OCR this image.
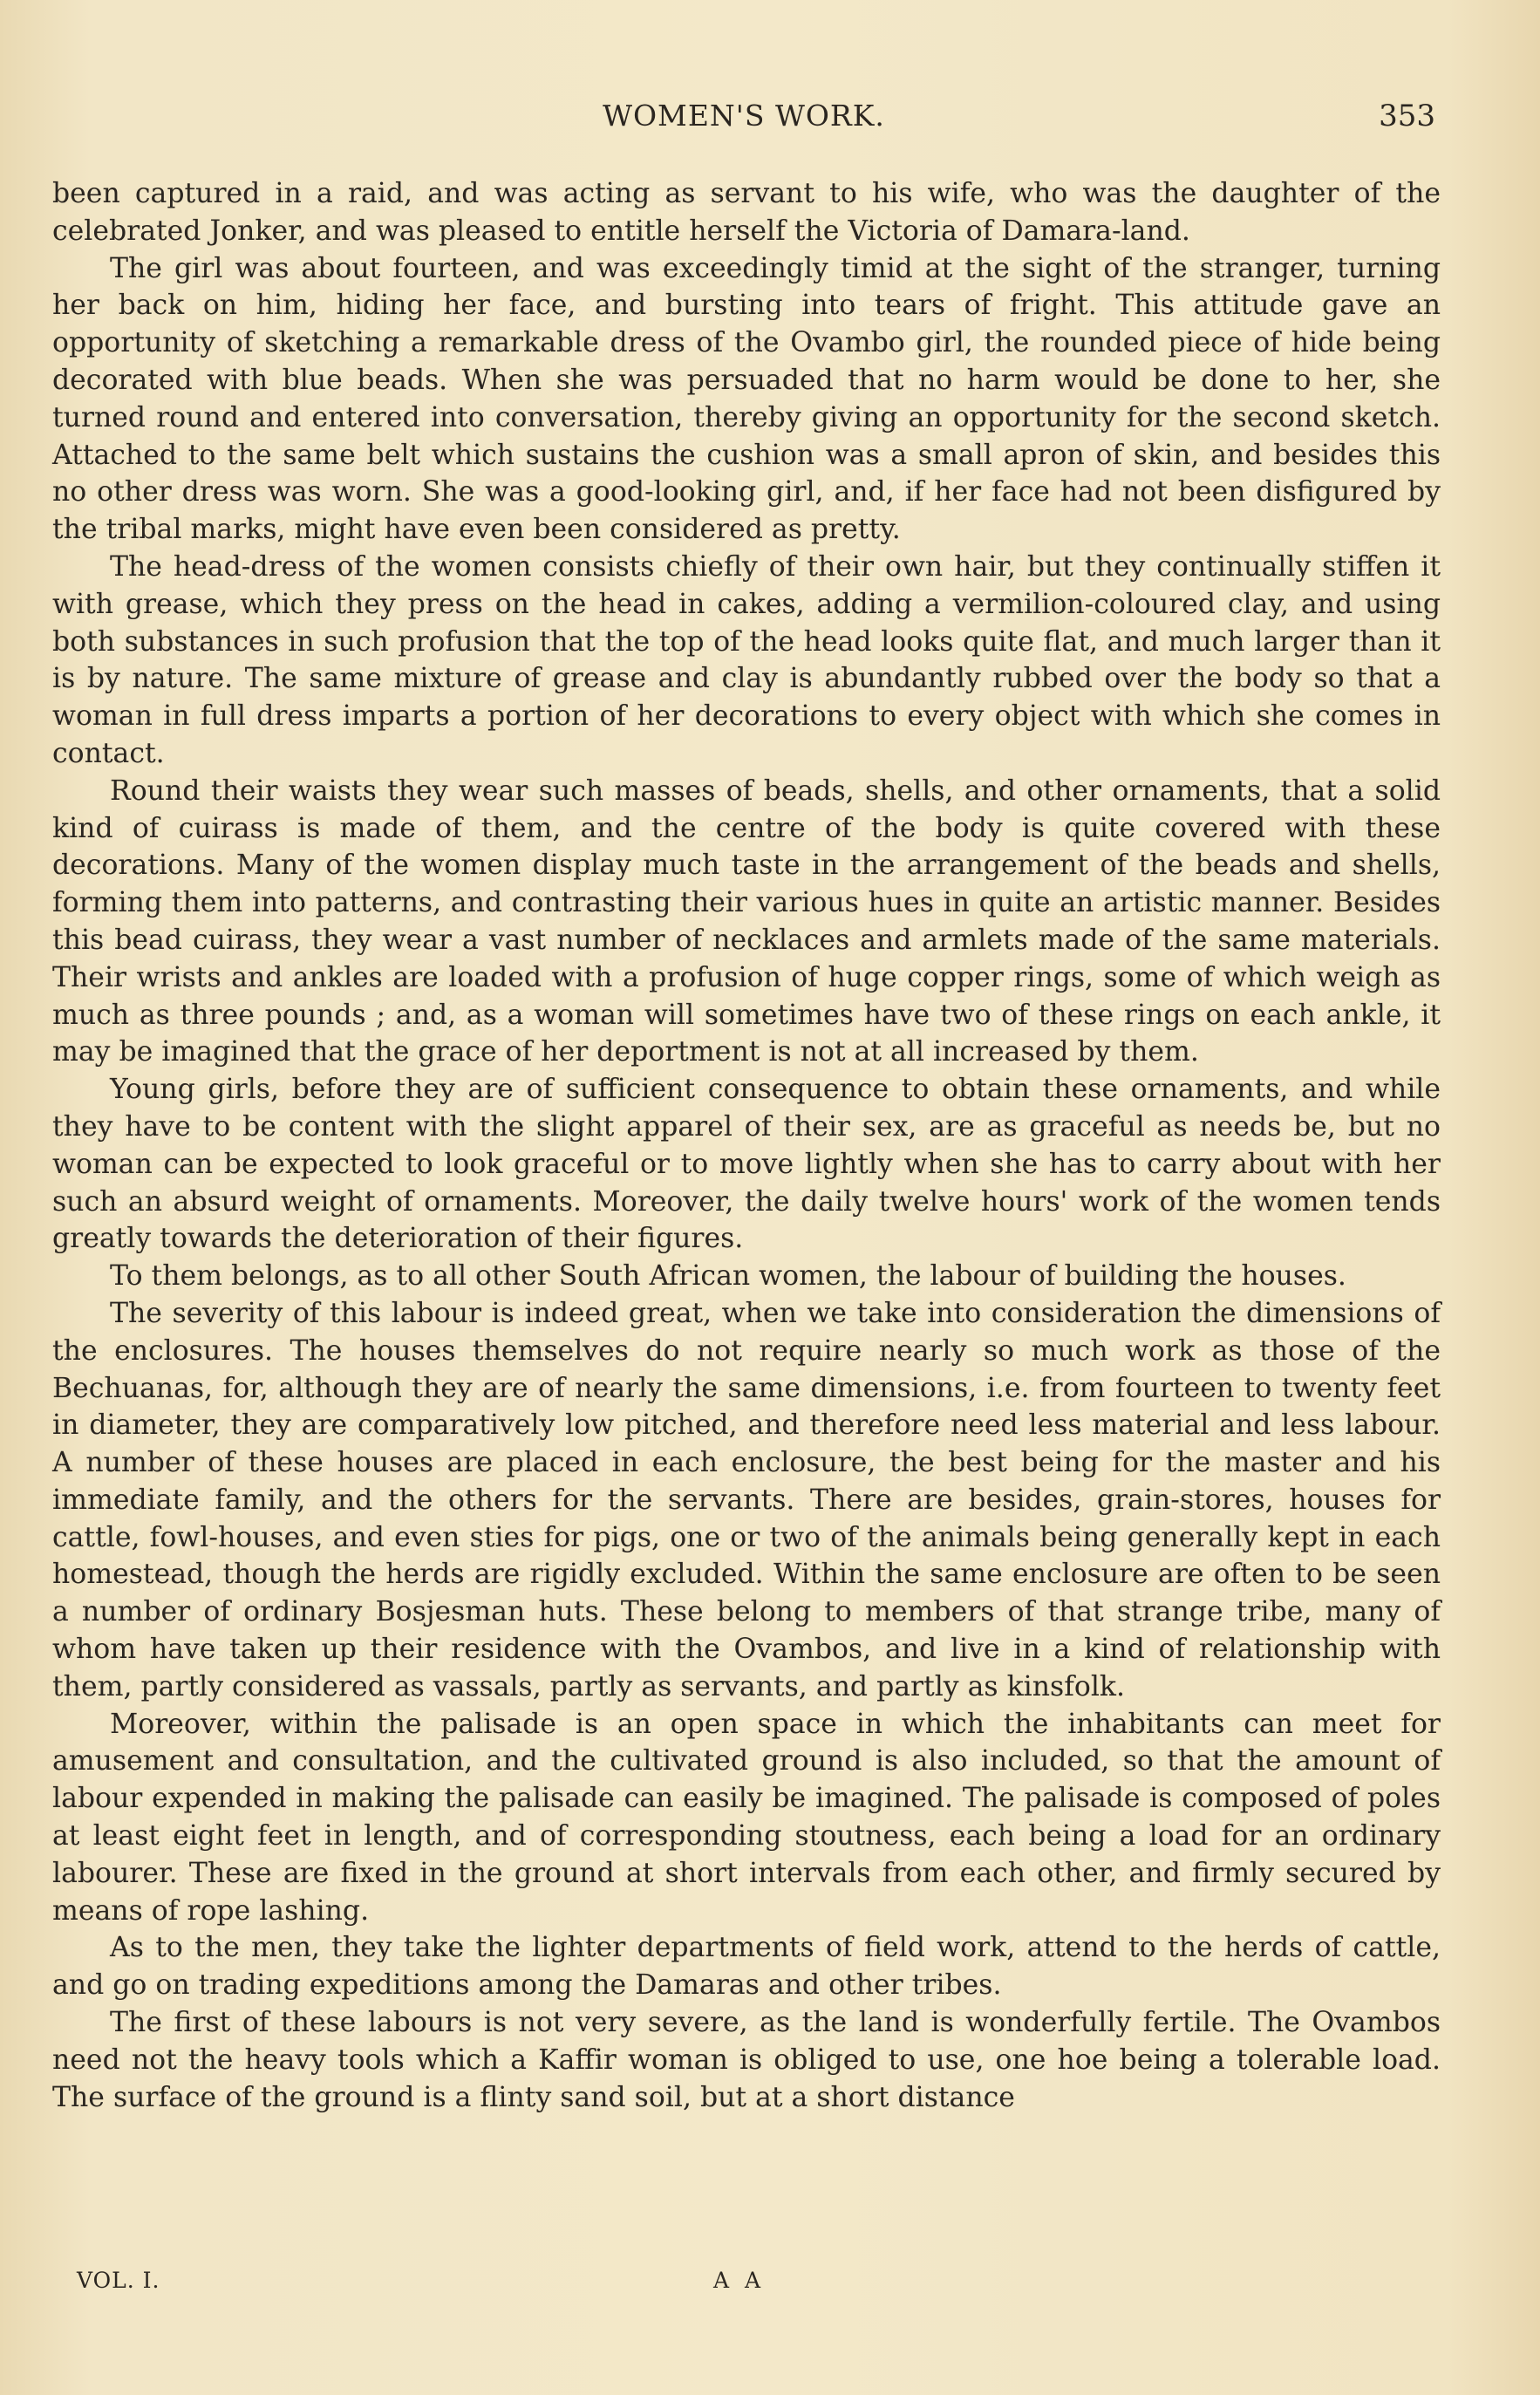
WOMEN'S WORK.	353

been captured in a raid, and was acting as servant to his wife, who was the daughter of the celebrated Jonker, and was pleased to entitle herself the Victoria of Damara-land.

The girl was about fourteen, and was exceedingly timid at the sight of the stranger, turning her back on him, hiding her face, and bursting into tears of fright. This attitude gave an opportunity of sketching a remarkable dress of the Ovambo girl, the rounded piece of hide being decorated with blue beads. When she was persuaded that no harm would be done to her, she turned round and entered into conversation, thereby giving an opportunity for the second sketch. Attached to the same belt which sustains the cushion was a small apron of skin, and besides this no other dress was worn. She was a good-looking girl, and, if her face had not been disfigured by the tribal marks, might have even been considered as pretty.

The head-dress of the women consists chiefly of their own hair, but they continually stiffen it with grease, which they press on the head in cakes, adding a vermilion-coloured clay, and using both substances in such profusion that the top of the head looks quite flat, and much larger than it is by nature. The same mixture of grease and clay is abundantly rubbed over the body so that a woman in full dress imparts a portion of her decorations to every object with which she comes in contact.

Round their waists they wear such masses of beads, shells, and other ornaments, that a solid kind of cuirass is made of them, and the centre of the body is quite covered with these decorations. Many of the women display much taste in the arrangement of the beads and shells, forming them into patterns, and contrasting their various hues in quite an artistic manner. Besides this bead cuirass, they wear a vast number of necklaces and armlets made of the same materials. Their wrists and ankles are loaded with a profusion of huge copper rings, some of which weigh as much as three pounds ; and, as a woman will sometimes have two of these rings on each ankle, it may be imagined that the grace of her deportment is not at all increased by them.

Young girls, before they are of sufficient consequence to obtain these ornaments, and while they have to be content with the slight apparel of their sex, are as graceful as needs be, but no woman can be expected to look graceful or to move lightly when she has to carry about with her such an absurd weight of ornaments. Moreover, the daily twelve hours' work of the women tends greatly towards the deterioration of their figures.

To them belongs, as to all other South African women, the labour of building the houses.

The severity of this labour is indeed great, when we take into consideration the dimensions of the enclosures. The houses themselves do not require nearly so much work as those of the Bechuanas, for, although they are of nearly the same dimensions, i.e. from fourteen to twenty feet in diameter, they are comparatively low pitched, and therefore need less material and less labour. A number of these houses are placed in each enclosure, the best being for the master and his immediate family, and the others for the servants. There are besides, grain-stores, houses for cattle, fowl-houses, and even sties for pigs, one or two of the animals being generally kept in each homestead, though the herds are rigidly excluded. Within the same enclosure are often to be seen a number of ordinary Bosjesman huts. These belong to members of that strange tribe, many of whom have taken up their residence with the Ovambos, and live in a kind of relationship with them, partly considered as vassals, partly as servants, and partly as kinsfolk.

Moreover, within the palisade is an open space in which the inhabitants can meet for amusement and consultation, and the cultivated ground is also included, so that the amount of labour expended in making the palisade can easily be imagined. The palisade is composed of poles at least eight feet in length, and of corresponding stoutness, each being a load for an ordinary labourer. These are fixed in the ground at short intervals from each other, and firmly secured by means of rope lashing.

As to the men, they take the lighter departments of field work, attend to the herds of cattle, and go on trading expeditions among the Damaras and other tribes.

The first of these labours is not very severe, as the land is wonderfully fertile. The Ovambos need not the heavy tools which a Kaffir woman is obliged to use, one hoe being a tolerable load. The surface of the ground is a flinty sand soil, but at a short distance

VOL. I.	A A
